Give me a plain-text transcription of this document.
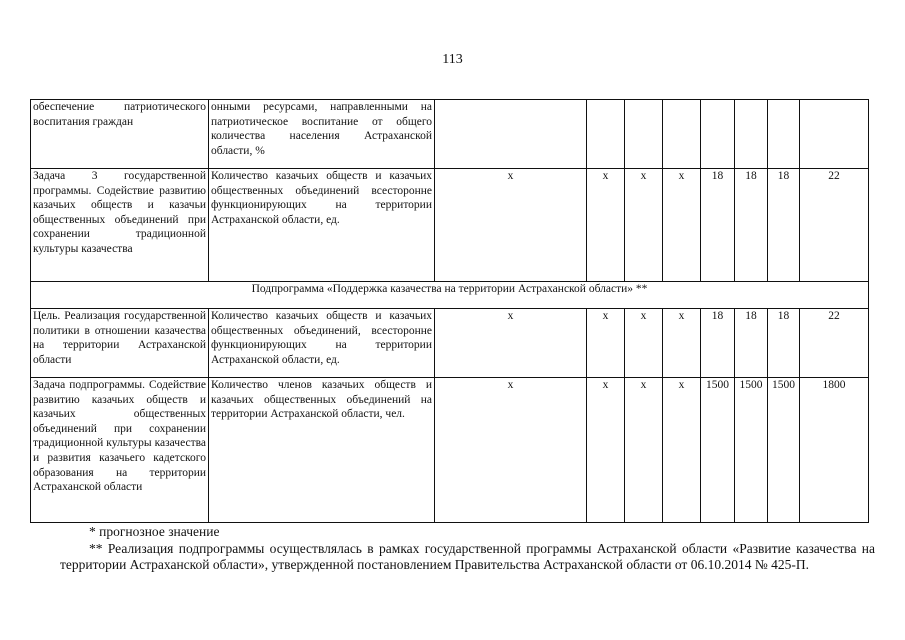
113
обеспечение патриотического воспитания граждан	онными ресурсами, направленными на патриотическое воспитание от общего количества населения Астраханской области, %								
Задача 3 государственной программы. Содействие развитию казачьих обществ и казачьи общественных объединений при сохранении традиционной культуры казачества	Количество казачьих обществ и казачьих общественных объединений всесторонне функционирующих на территории Астраханской области, ед.	х	х	х	х	18	18	18	22
Подпрограмма «Поддержка казачества на территории Астраханской области» **									
Цель. Реализация государственной политики в отношении казачества на территории Астраханской области	Количество казачьих обществ и казачьих общественных объединений, всесторонне функционирующих на территории Астраханской области, ед.	х	х	х	х	18	18	18	22
Задача подпрограммы. Содействие развитию казачьих обществ и казачьих общественных объединений при сохранении традиционной культуры казачества и развития казачьего кадетского образования на территории Астраханской области	Количество членов казачьих обществ и казачьих общественных объединений на территории Астраханской области, чел.	х	х	х	х	1500	1500	1500	1800
* прогнозное значение
** Реализация подпрограммы осуществлялась в рамках государственной программы Астраханской области «Развитие казачества на территории Астраханской области», утвержденной постановлением Правительства Астраханской области от 06.10.2014 № 425-П.
